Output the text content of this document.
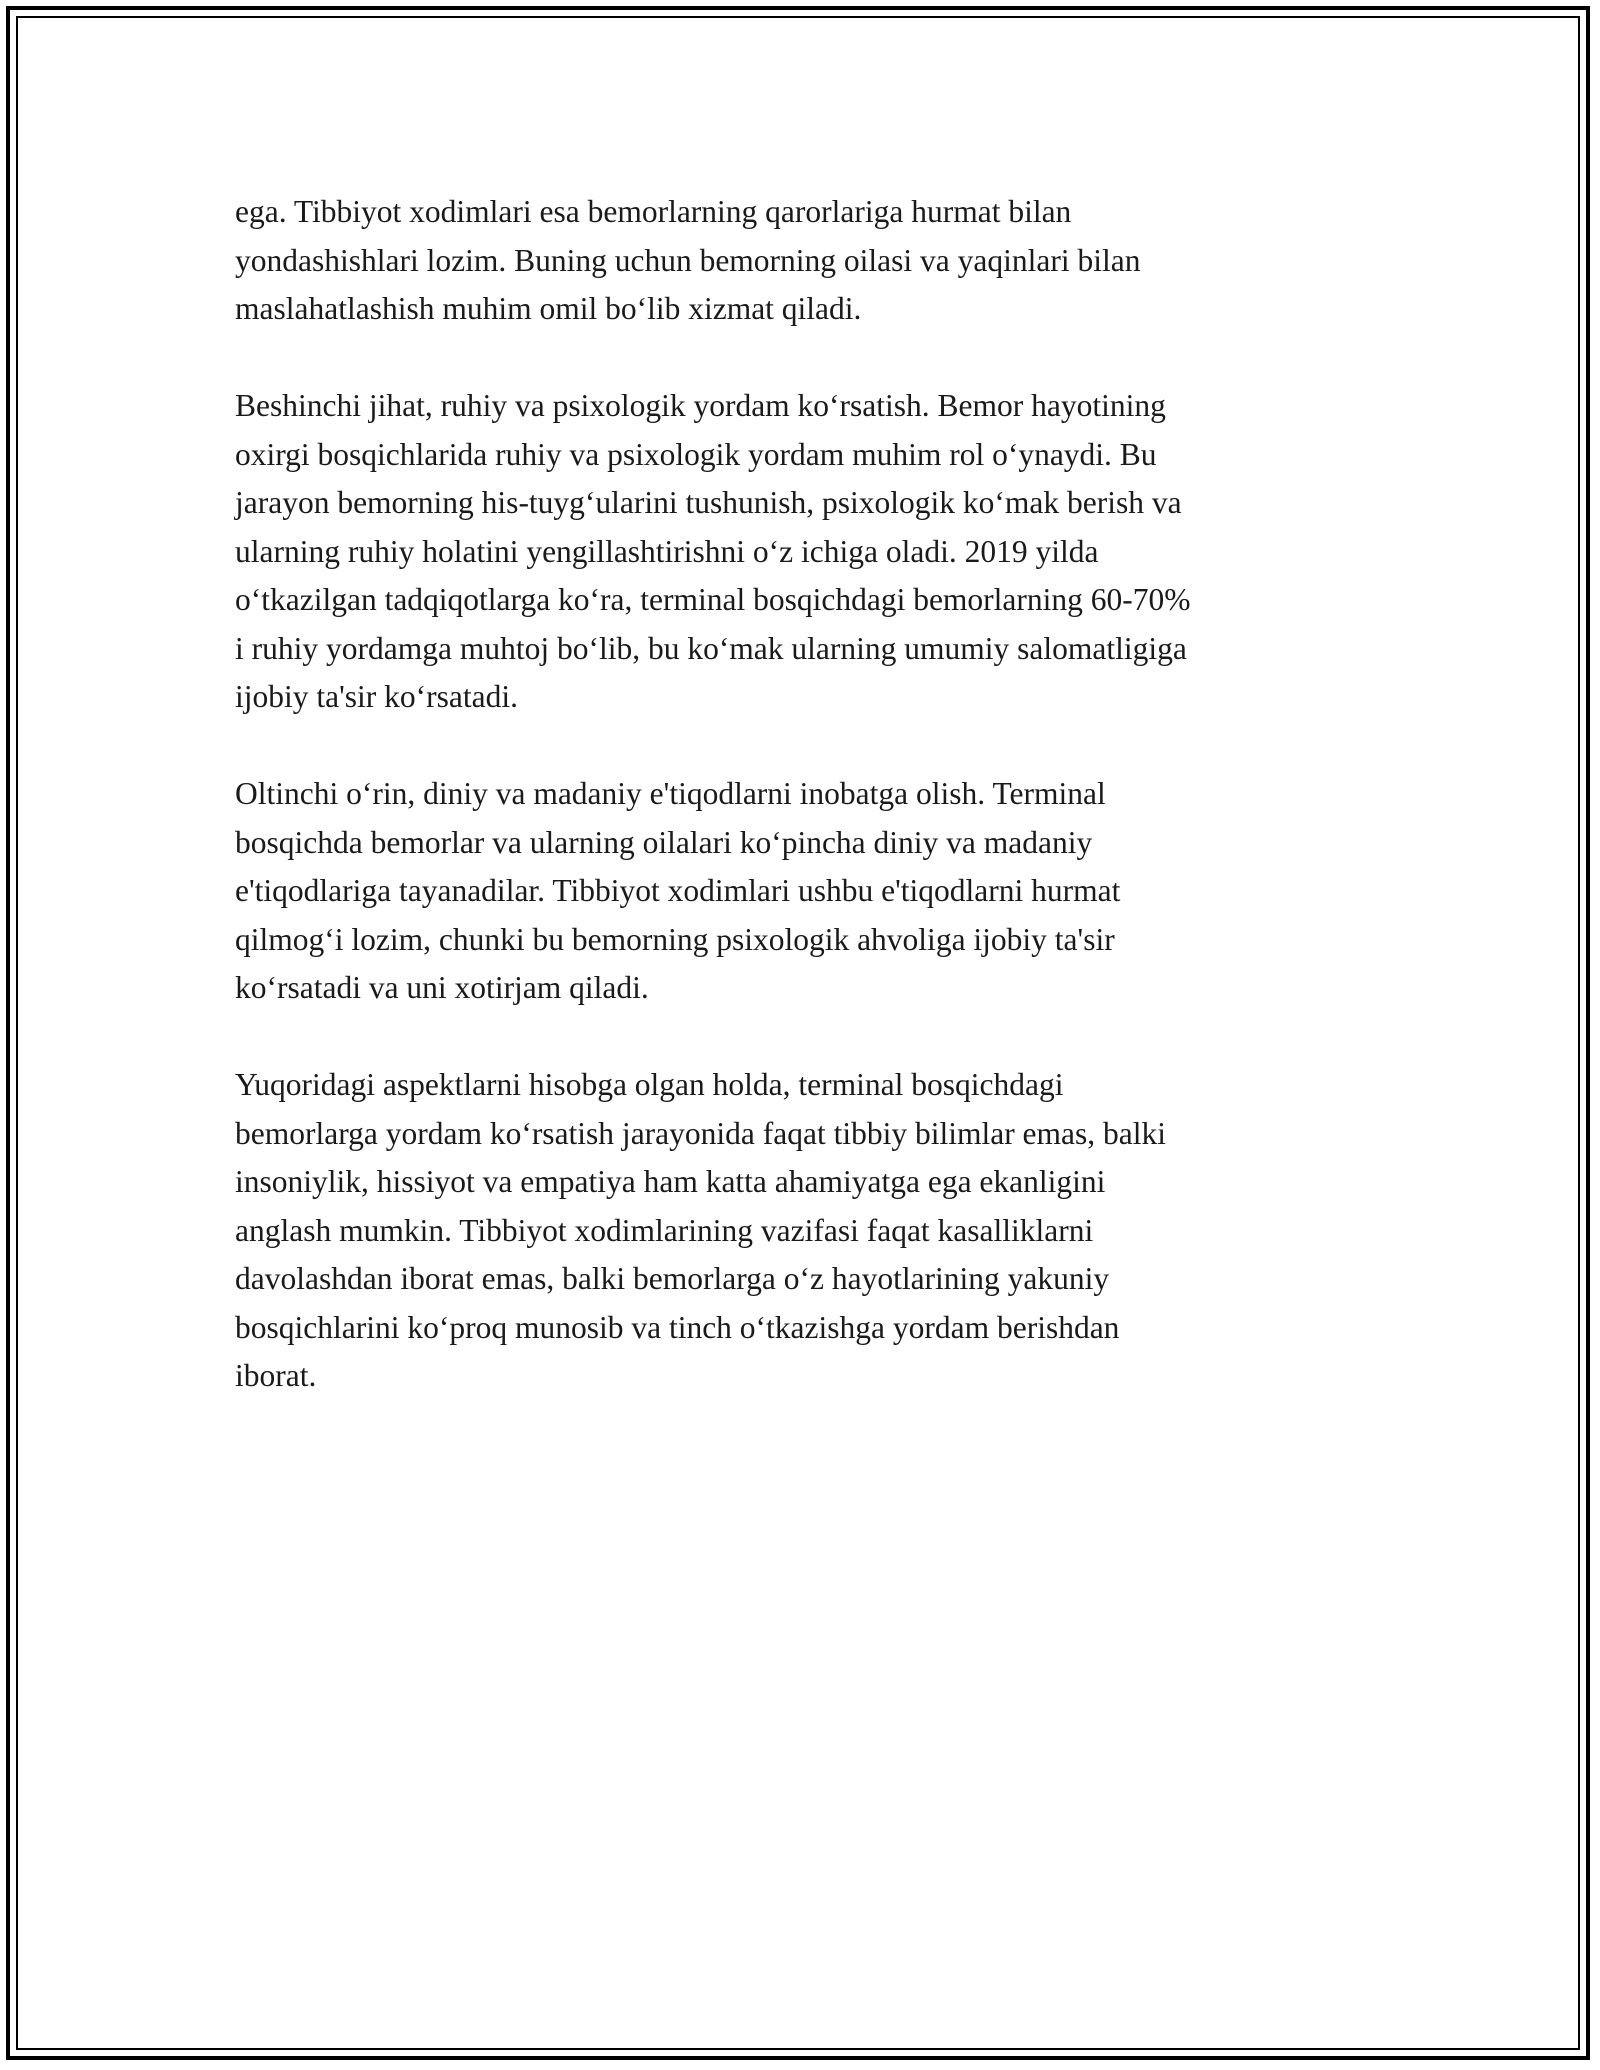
ega. Tibbiyot xodimlari esa bemorlarning qarorlariga hurmat bilan
yondashishlari lozim. Buning uchun bemorning oilasi va yaqinlari bilan
maslahatlashish muhim omil bo‘lib xizmat qiladi.

Beshinchi jihat, ruhiy va psixologik yordam ko‘rsatish. Bemor hayotining
oxirgi bosqichlarida ruhiy va psixologik yordam muhim rol o‘ynaydi. Bu
jarayon bemorning his-tuyg‘ularini tushunish, psixologik ko‘mak berish va
ularning ruhiy holatini yengillashtirishni o‘z ichiga oladi. 2019 yilda
o‘tkazilgan tadqiqotlarga ko‘ra, terminal bosqichdagi bemorlarning 60-70%
i ruhiy yordamga muhtoj bo‘lib, bu ko‘mak ularning umumiy salomatligiga
ijobiy ta'sir ko‘rsatadi.

Oltinchi o‘rin, diniy va madaniy e'tiqodlarni inobatga olish. Terminal
bosqichda bemorlar va ularning oilalari ko‘pincha diniy va madaniy
e'tiqodlariga tayanadilar. Tibbiyot xodimlari ushbu e'tiqodlarni hurmat
qilmog‘i lozim, chunki bu bemorning psixologik ahvoliga ijobiy ta'sir
ko‘rsatadi va uni xotirjam qiladi.

Yuqoridagi aspektlarni hisobga olgan holda, terminal bosqichdagi
bemorlarga yordam ko‘rsatish jarayonida faqat tibbiy bilimlar emas, balki
insoniylik, hissiyot va empatiya ham katta ahamiyatga ega ekanligini
anglash mumkin. Tibbiyot xodimlarining vazifasi faqat kasalliklarni
davolashdan iborat emas, balki bemorlarga o‘z hayotlarining yakuniy
bosqichlarini ko‘proq munosib va tinch o‘tkazishga yordam berishdan
iborat.
